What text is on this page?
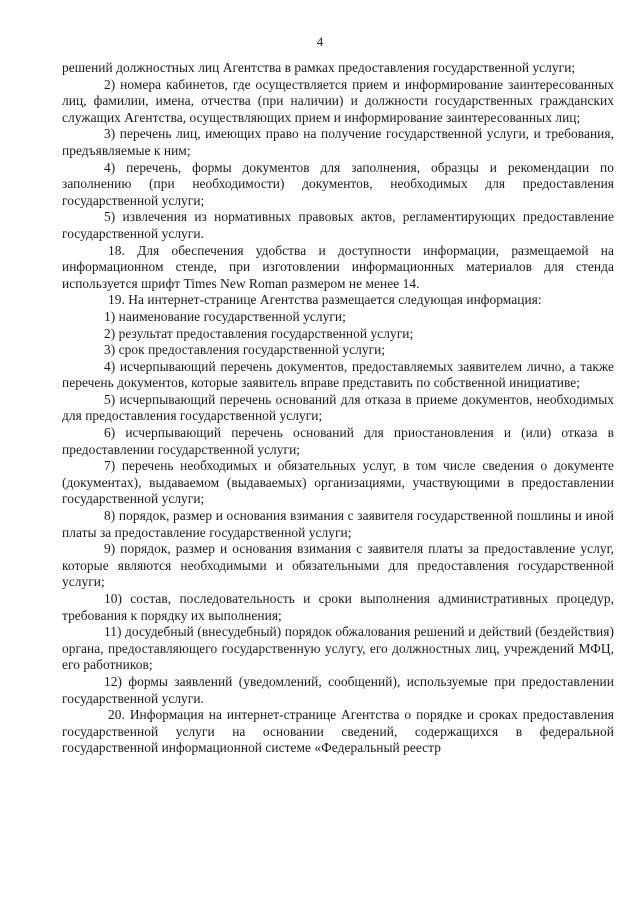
4

решений должностных лиц Агентства в рамках предоставления государственной услуги;

2) номера кабинетов, где осуществляется прием и информирование заинтересованных лиц, фамилии, имена, отчества (при наличии) и должности государственных гражданских служащих Агентства, осуществляющих прием и информирование заинтересованных лиц;

3) перечень лиц, имеющих право на получение государственной услуги, и требования, предъявляемые к ним;

4) перечень, формы документов для заполнения, образцы и рекомендации по заполнению (при необходимости) документов, необходимых для предоставления государственной услуги;

5) извлечения из нормативных правовых актов, регламентирующих предоставление государственной услуги.

18. Для обеспечения удобства и доступности информации, размещаемой на информационном стенде, при изготовлении информационных материалов для стенда используется шрифт Times New Roman размером не менее 14.

19. На интернет-странице Агентства размещается следующая информация:

1) наименование государственной услуги;

2) результат предоставления государственной услуги;

3) срок предоставления государственной услуги;

4) исчерпывающий перечень документов, предоставляемых заявителем лично, а также перечень документов, которые заявитель вправе представить по собственной инициативе;

5) исчерпывающий перечень оснований для отказа в приеме документов, необходимых для предоставления государственной услуги;

6) исчерпывающий перечень оснований для приостановления и (или) отказа в предоставлении государственной услуги;

7) перечень необходимых и обязательных услуг, в том числе сведения о документе (документах), выдаваемом (выдаваемых) организациями, участвующими в предоставлении государственной услуги;

8) порядок, размер и основания взимания с заявителя государственной пошлины и иной платы за предоставление государственной услуги;

9) порядок, размер и основания взимания с заявителя платы за предоставление услуг, которые являются необходимыми и обязательными для предоставления государственной услуги;

10) состав, последовательность и сроки выполнения административных процедур, требования к порядку их выполнения;

11) досудебный (внесудебный) порядок обжалования решений и действий (бездействия) органа, предоставляющего государственную услугу, его должностных лиц, учреждений МФЦ, его работников;

12) формы заявлений (уведомлений, сообщений), используемые при предоставлении государственной услуги.

20. Информация на интернет-странице Агентства о порядке и сроках предоставления государственной услуги на основании сведений, содержащихся в федеральной государственной информационной системе «Федеральный реестр
